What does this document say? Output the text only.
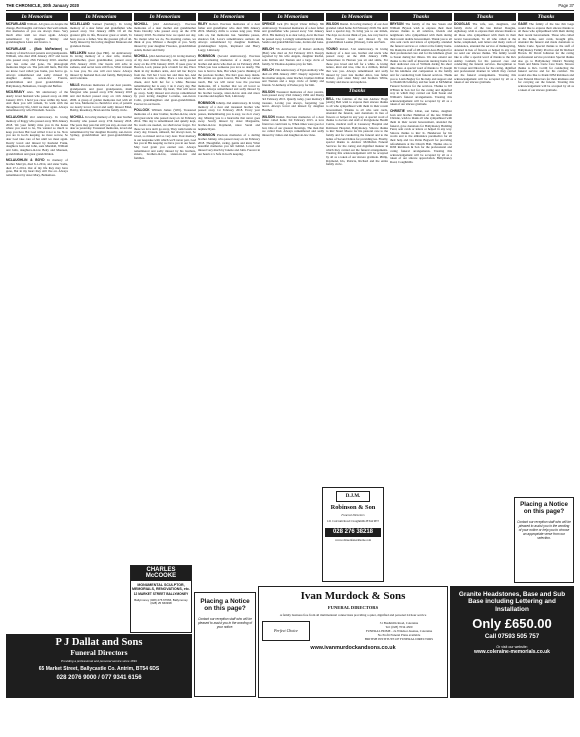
THE CHRONICLE, 30th January 2020	Page 37
In Memoriam
MCFARLAND William. All grass on despite the change, But thoughts can't know that well remain. Our memories of you are always there. Very much alive until we meet again. Always remembered by daughter Shirley and granddaughters Laura and Jessica. x
MCFARLANE - (Bob McFarlane) In memory of much loved parents and grandparents. William, who died 20th January 2017 and Greta who passed away 25th February 2010. Another year has come and gone, No photograph memories linger on. The pain still hurts, But this we know. God called you home, you had to go. Always remembered and sadly missed by daughter Annie, son-in-law Francis, grandchildren and great grandchildren - Ballymoney, Balnamore, Clough and Belfast.
MCILREAVY Alex. 5th anniversary of the dearly loved husband who passed away on 29th January 2015. I hold you close within my heart, And there you will remain, To walk with me throughout my life, Until we meet again. Always remembered by wife Elizabeth. Seacon.
MCLAUGHLIN 2nd Anniversary. In loving memory of Peggy who passed away 30th January 2018. We your family miss you in the house where you used to be, We wanted so much to keep you here But God willed it not to be. Now you are in God's keeping, no more sorrow, So dear God take care of her until we meet again. Dearly loved and missed by husband Frank, daughters Jean and John, sons Marshall, William and John, daughters-in-law Betty and Maureen, grandchildren and great grandchildren.
MCLAUGHLIN & BOYD In memory of brother Mervyn, died 6-1-2014, and sister Sadie, died 27-1-2014. Out of my life they may have gone, But in my heart they still live on. Always remembered by sister Mary, Balnamore.
In Memoriam
MCLELLAND Samuel (Sammy). In loving memory of a dear father and grandfather who passed away 31st January 2008. Of all the greatest gifts in life, However great or small, To have you as a father, Was the greatest gift of all. Sadly missed by his loving daughter Maureen and grandson Derek.
MELLIKEN Isobel (nee Hill). 1st Anniversary. In loving memory of a dear wife, mother, grandmother, great grandmother, passed away 25th January 2019. Our hearts still ache in sadness, And secret tears still flow, What it meant to lose you, No one will ever know. Always missed by husband Ron and family, Ballymoney and Coleraine.
MILLS Precious memories of our dear parents, grandparents and great grandparents, mum Margaret who passed away 27th January 2018 and dad Robert passed away on 11th January 2006. A group of golden memories tied with all our love, Memories to cherish for ever, of parents we dearly loved. Loved and sadly missed Ethel, Bobby, Rosemary, Brian and the family circle.
NICHOLL In loving memory of my dear brother Dorothy who passed away 27th January 2018. The years may pass but still you stay, As near and dear as yesterday. Treasured memories, loved and remembered by her daughter Dorothy, son-in-law Sydney, grandchildren and great-grandchildren xxx
In Memoriam
NICHOLL (2nd Anniversary). Precious memories of a dear mother and grandmother Nana Dorothy who passed away on the 27th January 2018. No matter how we spend our day, No matter what we do, No morning comes, we think of you, Without a thought of you. Sadly missed by your daughter Florence, grandchildren Adam, Robert and Dolly.
NICHOLL (2nd Anniversary). In loving memory of my dear mother Dorothy, who sadly passed away on the 27th January 2018. If roses grow in Heaven, Lord, please pick a bunch for me, Place them in my mothers arms, And tell her they're from me. Tell her I love her and miss her, And when she turns to smile, Place a kiss upon her cheek, And hold her for a while. Because remembering her is easy, I do it every day, But there's an ache within my heart, That will never go away. Sadly missed and always remembered by your loving daughter Lorraine, son-in-law Colin, granddaughters and great-grandchildren. Forever in our hearts.
POLLOCK William James (Will). Treasured memories of a dear brother, brother-in-law, uncle and great uncle who passed away on 1st February 2014. This day is remembered and quietly kept, No words are needed, we shall never forget. For those we love don't go away, They walk beside us every day, Unseen, unheard, but always near, So loved, so missed and so very dear. Your memory is our keepsake with which we'll never part, God has you in His keeping we have you in our heart. May God grant you eternal rest. Always remembered and sadly missed by his brothers, sisters, brothers-in-law, sisters-in-law and families.
In Memoriam
RILEY Robert. Precious memories of a dear father and grandfather who died 30th January 2019. Memory drifts to scenes long past, Time rolls on, but memories last. Sunshine passes, shadows fall, Love's remembrance outlasts all. Always remembered by daughter Kathleen, granddaughter Glynis, Raymond and Harry Lorgy, Limavady.
ROBINSON (Second Anniversary). Precious and everlasting memories of a dearly loved brother and uncle who died on 1st February 2018. When you lose someone you love so dearly, The loss is hard to hide, But when you're thinking of the precious brother, The hurt goes deep inside. His smiles are gone forever, His hand we cannot touch, But we will never lose the precious memories, Of a brother that we all loved so much. Always remembered and sadly missed by his brother George, sister-in-law Ann and niece Caroline and nephew Neil, Limavady.
ROBINSON Johnny. 2nd Anniversary. In loving memory of a dear and treasured brother who passed away 1st February 2018. Every year passes, Remembering you is easy, we do it every day, Missing you is a heartache that never goes away. Sorely missed by sister Marguerite, brother-in-law Raymond, niece Sarah and nephew Ryan.
ROBINSON Precious memories of a darling brother Johnny, who passed away on 1st February 2018. Thoughtful, caring, gentle and kind, What beautiful memories you left behind. Loved and missed very much by Janette and John. Forever in our hearts x x Safe in God's keeping.
In Memoriam
SPENCE Jack (Ex Royal Ulster Rifles). 8th Anniversary. Treasured memories of a dear father and grandfather who passed away 31st January 2012. His memory is as dear today, As in the hour he passed away. Lovingly remembered by Robin, Sandra and grandchildren Luke, Jordan and Luke.
WELCH 7th Anniversary of Robert Anthony (Bob) who died on 3rd February 2013. Deeply regretted by his wife Angela, daughter Rachel, sons Killian and Tiernan and a large circle of family. St Thomas Aquinas pray for him.
WELCH 13th Anniversary of Egan Anthony who died on 28th January 2007. Deeply regretted by his mother Angela, sister Rachel, brothers Killian and Tiernan and a large circle of family and friends. St Anthony of Padua pray for him.
WILSON Treasured memories of dear parents, Jean passed away 23rd January 1982 and Danny 3rd February 2015. Quietly today, your memory I treasure, Loving you always, forgetting you never. Always loved and missed by daughter Heather.
WILSON Daniel. Precious memories of a dear father called home 3rd February 2015. A love friend we could turn to, When times were good or bad, One of our greatest blessings, The man that we called Dad. Always remembered and sadly missed by James and daughter-in-law June.
In Memoriam
WILSON Daniel. In loving memory of our dear grandad called home 3rd February 2018. We don't need a special day, To bring you to our minds, The days we do not think of you, Are very hard to find. Forever loved and missed by his grandchildren Leanne (Watson), Calie and Sam.
YOUNG Robert. 31st Anniversary. In loving memory of a dear son, brother and uncle who passed away on the 26th January 1989. Somewhere in Heaven you sit and smile, For those you loved and left for a while. A loving nature, kind and true, One in a million, Robert that was you. Always remembered and sadly missed by your late mother Alice, late father Robert, your sister Mary and brothers Willie, Tommy and nieces and nephews.
Thanks
BELL The families of the late Andrew Hugh (Andy) Bell wish to express their sincere thanks to all who sympathised with them in their recent bereavement. Thanks to all who sent cards, attended the funeral, sent donations in lieu of flowers or helped in any way. A special word of thanks to doctors and staff at Portglenone Health Centre, medical staff at Causeway Hospital and Robinson Hospital, Ballymoney. Sincere thanks to Rev Stuart Moore for his pastoral care to the family and for conducting the funeral and to the ladies of Second Kilrea for providing tea. Finally, special thanks to Andrew McMullan Funeral Services for the caring and dignified manner in which they carried out the funeral arrangements. Trusting this acknowledgement will be accepted by all as a token of our sincere gratitude. Philip, Raymond, Iris, Patricia, Richard and the entire family circle.
Thanks
BRYSON The family of the late Susan and William Bryson wish to express their most sincere thanks to all relatives, friends and neighbours who sympathised with them during their recent double bereavement. Thank you to all who sent cards and letters of sympathy, attended the funeral services or called at the family home. We thank the staff of 2B Antrim Area Hospital for their professional care and for the kindness given to Susan during her illness. We also extend our thanks to the staff of Rosevale nursing home for their dedicated care of William during his short time there. A special word of thanks to Fr Joseph for his kindness and compassion to the family and for conducting both funeral services. Thank you to Liam Begley for his help and support and to Niamh McGlinchey and her team at McMullan Funeral Services for the services. Thanks to WJ O'Brien & Son Ltd for the caring and dignified way in which they carried out both Susan and William's funeral arrangements. Trusting this acknowledgement will be accepted by all as a token of our sincere gratitude.
CHRISTIE Wife Lilian, son James, daughter Jean and brother Hamilton of the late William Christie, wish to thank all who sympathised with them in their recent bereavement, attended the funeral, gave donations for Ballymoney Building Fund, sent cards or letters or helped in any way. Sincere thanks to Rev K. Henderson for his words and to the ambulance paramedics for all their help and Lia Pettie Bagwell for providing refreshments at the Church Hall. Thanks also to DJM Robinson & Son for the professional and caring funeral arrangements. Trusting this acknowledgement will be accepted by all as a token of our sincere appreciation. Ballymoney Road, Coughmills.
Thanks
DOUGLAS The wife, son, daughters, and family circle of the late Robert Douglas, Aghadoey, wish to express their sincere thanks to all those who sympathised with them in their recent bereavement. To all who called at the home, telephoned, sent letters and many cards of condolence, attended the service of thanksgiving, donated in lieu of flowers or helped in any way, we send our sincere thanks. The family would like to offer a special word of thanks to the Rev Ashley Graham for his pastoral care and conducting the funeral services. Recognition to Dr Carson and Directors for the caring, dignified and professional manner in which they carried out the funeral arrangements. Trusting this acknowledgement will be accepted by all as a token of our sincere gratitude.
Thanks
GAGE The family of the late Jim Gage would like to express their sincere thanks to all those who sympathised with them during their recent bereavement. Those who called at the home, sent cards, brought gifts, attended the funeral and made donations to Marie Curie. Special thanks to the staff of Ballymoney Family Practice and Dr Richard Brown. Dr David Johnston for the caring professional service provided. Special thanks also go to Ballymoney District Nursing Team and Marie Curie Care Team. Sincere thanks to Rev. Cottill for conducting the funeral service and for his comfort. We would also like to thank DJM Robinson and Son Funeral Directors for their kindness and for carrying out the funeral. Trusting this acknowledgement will be accepted by all as a token of our sincere gratitude.
CHARLES McCOOKE
MONUMENTAL SCULPTOR, MEMORIALS, RENOVATIONS, etc.
12 MARKET STREET BALLYMONEY
Ballymoney (028) 276 67666, Ballymoney (028) 25 663938
P J Dallat and Sons
Funeral Directors
Providing a professional and personal service since 1891
65 Market Street, Ballycastle Co. Antrim, BT54 6DS
028 2076 9000 / 077 9341 6156
Placing a Notice on this page?
Contact our reception staff who will be pleased to assist you in the wording of your notice.
D.J.M.
Robinson & Son
Funeral Directors
121 Culcrum Road Cloughmills BT44 9ET
028 276 38218
www.robinsonfuneralhome.com
Ivan Murdock & Sons
FUNERAL DIRECTORS
A family business free from all multinational connections providing a quiet, dignified and personal 24 hour service
Perfect Choice
31 Bushmills Road, Coleraine
Tel: (028) 7034 4300
FUNERAL HOME - 2a Windsor Avenue, Coleraine
No Profit Funeral Plans available
BRITISH INSTITUTE OF FUNERAL DIRECTORS
www.ivanmurdockandsons.co.uk
Granite Headstones, Base and Sub Base including Lettering and Installation
Only £650.00
Call 07593 505 757
Or visit our website:
www.coleraine-memorials.co.uk
Placing a Notice on this page?
Contact our reception staff who will be pleased to assist you in the wording of your notice or help you to choose an appropriate verse from our selection.
